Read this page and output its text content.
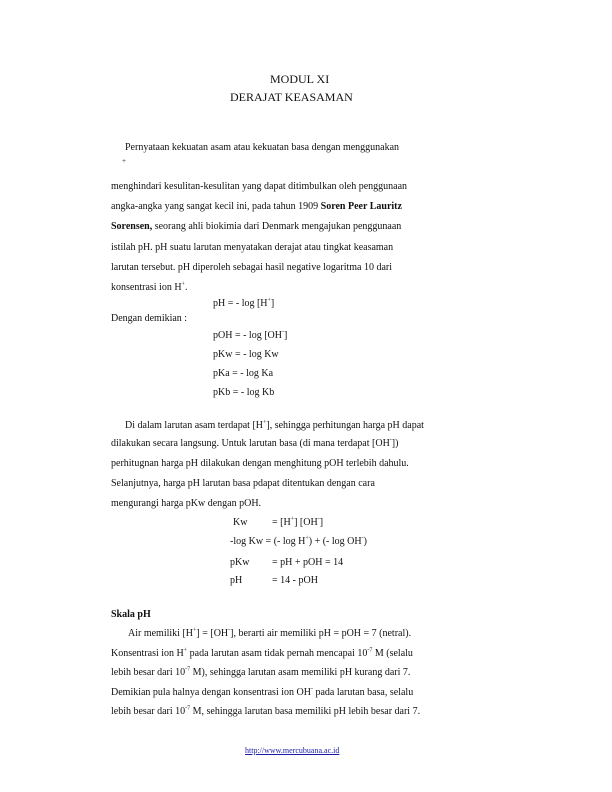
MODUL XI
DERAJAT KEASAMAN
Pernyataan kekuatan asam atau kekuatan basa dengan menggunakan
+
menghindari kesulitan-kesulitan yang dapat ditimbulkan oleh penggunaan
angka-angka yang sangat kecil ini, pada tahun 1909 Soren Peer Lauritz
Sorensen, seorang ahli biokimia dari Denmark mengajukan penggunaan
istilah pH. pH suatu larutan menyatakan derajat atau tingkat keasaman
larutan tersebut. pH diperoleh sebagai hasil negative logaritma 10 dari
konsentrasi ion H+.
pH = - log [H+]
Dengan demikian :
pOH = - log [OH-]
pKw = - log Kw
pKa = - log Ka
pKb = - log Kb
Di dalam larutan asam terdapat [H+], sehingga perhitungan harga pH dapat
dilakukan secara langsung. Untuk larutan basa (di mana terdapat [OH-])
perhitugnan harga pH dilakukan dengan menghitung pOH terlebih dahulu.
Selanjutnya, harga pH larutan basa pdapat ditentukan dengan cara
mengurangi harga pKw dengan pOH.
Kw = [H+] [OH-]
-log Kw = (- log H+) + (- log OH-)
pKw = pH + pOH = 14
pH	= 14 - pOH
Skala pH
Air memiliki [H+] = [OH-], berarti air memiliki pH = pOH = 7 (netral).
Konsentrasi ion H+ pada larutan asam tidak pernah mencapai $10^{-7}$ M (selalu
lebih besar dari $10^{-7}$ M), sehingga larutan asam memiliki pH kurang dari 7.
Demikian pula halnya dengan konsentrasi ion OH- pada larutan basa, selalu
lebih besar dari $10^{-7}$ M, sehingga larutan basa memiliki pH lebih besar dari 7.
http://www.mercubuana.ac.id
